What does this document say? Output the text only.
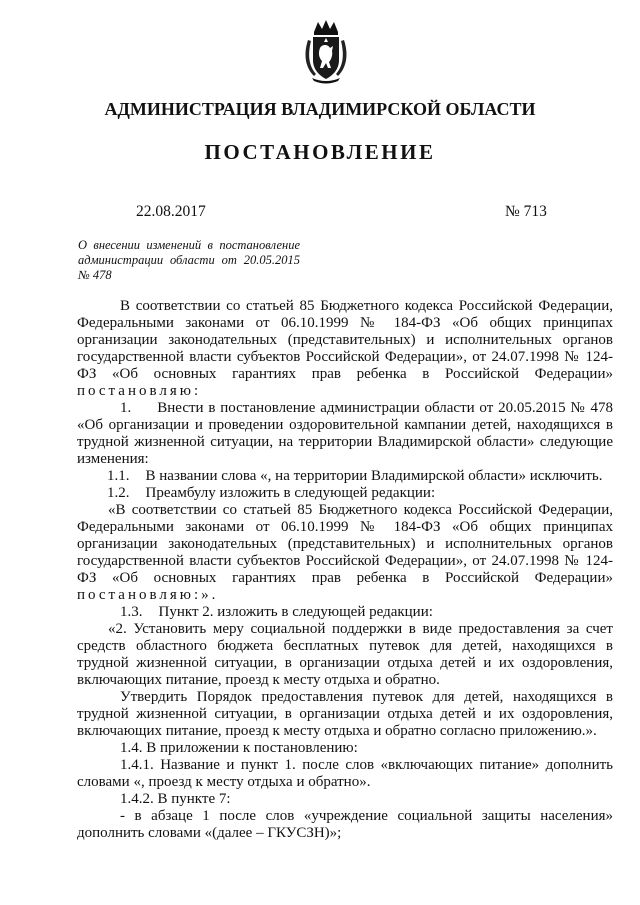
АДМИНИСТРАЦИЯ ВЛАДИМИРСКОЙ ОБЛАСТИ
ПОСТАНОВЛЕНИЕ
22.08.2017	№ 713
О внесении изменений в постановление администрации области от 20.05.2015 № 478

В соответствии со статьей 85 Бюджетного кодекса Российской Федерации, Федеральными законами от 06.10.1999 № 184-ФЗ «Об общих принципах организации законодательных (представительных) и исполнительных органов государственной власти субъектов Российской Федерации», от 24.07.1998 № 124-ФЗ «Об основных гарантиях прав ребенка в Российской Федерации» постановляю:

1. Внести в постановление администрации области от 20.05.2015 № 478 «Об организации и проведении оздоровительной кампании детей, находящихся в трудной жизненной ситуации, на территории Владимирской области» следующие изменения:

1.1. В названии слова «, на территории Владимирской области» исключить.

1.2. Преамбулу изложить в следующей редакции:

«В соответствии со статьей 85 Бюджетного кодекса Российской Федерации, Федеральными законами от 06.10.1999 № 184-ФЗ «Об общих принципах организации законодательных (представительных) и исполнительных органов государственной власти субъектов Российской Федерации», от 24.07.1998 № 124-ФЗ «Об основных гарантиях прав ребенка в Российской Федерации» постановляю:».

1.3. Пункт 2. изложить в следующей редакции:

«2. Установить меру социальной поддержки в виде предоставления за счет средств областного бюджета бесплатных путевок для детей, находящихся в трудной жизненной ситуации, в организации отдыха детей и их оздоровления, включающих питание, проезд к месту отдыха и обратно.

Утвердить Порядок предоставления путевок для детей, находящихся в трудной жизненной ситуации, в организации отдыха детей и их оздоровления, включающих питание, проезд к месту отдыха и обратно согласно приложению.».

1.4. В приложении к постановлению:

1.4.1. Название и пункт 1. после слов «включающих питание» дополнить словами «, проезд к месту отдыха и обратно».

1.4.2. В пункте 7:

- в абзаце 1 после слов «учреждение социальной защиты населения» дополнить словами «(далее – ГКУСЗН)»;
